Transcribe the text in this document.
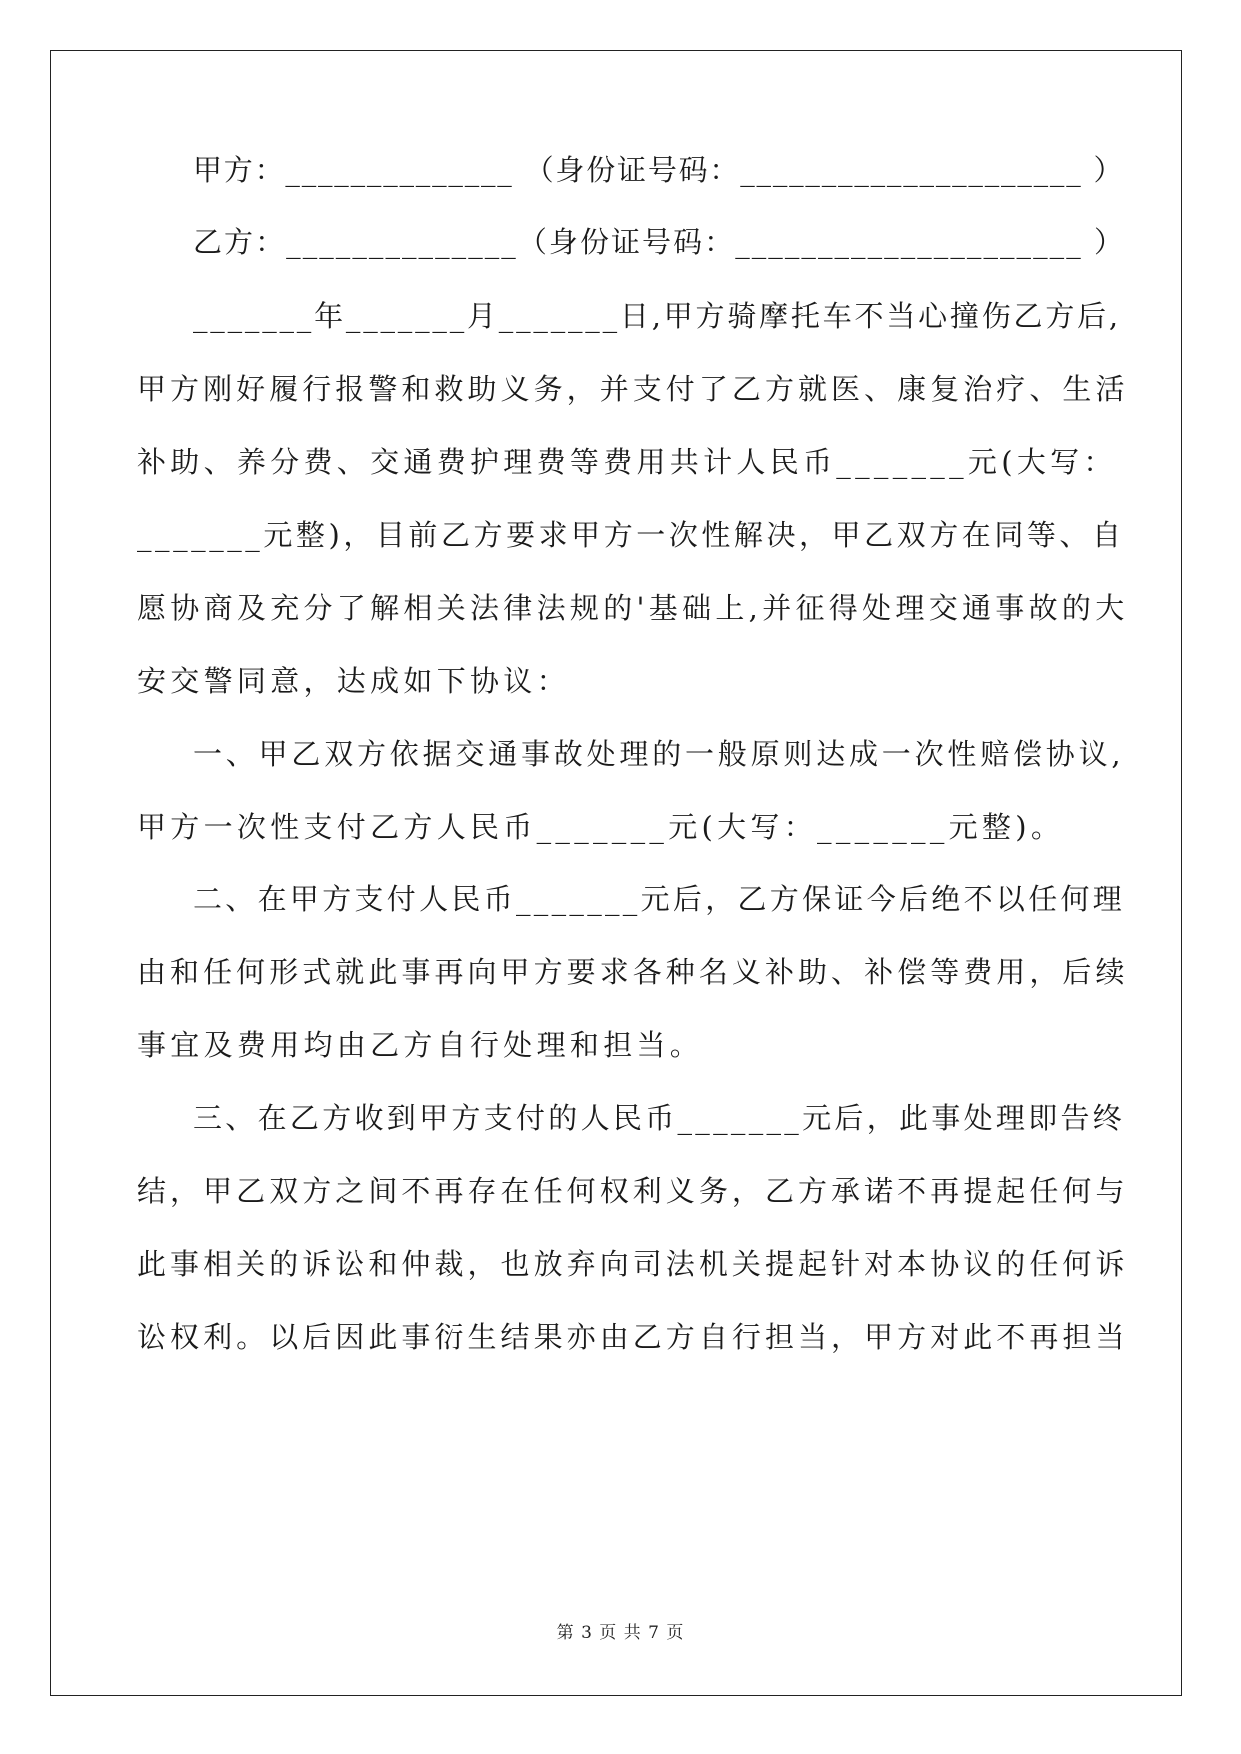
甲方：______________ （身份证号码：_____________________ ）
乙方：______________（身份证号码：_____________________ ）
_______年_______月_______日,甲方骑摩托车不当心撞伤乙方后,
甲方刚好履行报警和救助义务，并支付了乙方就医、康复治疗、生活
补助、养分费、交通费护理费等费用共计人民币_______元(大写：
_______元整)，目前乙方要求甲方一次性解决，甲乙双方在同等、自
愿协商及充分了解相关法律法规的'基础上,并征得处理交通事故的大
安交警同意，达成如下协议：
一、甲乙双方依据交通事故处理的一般原则达成一次性赔偿协议,
甲方一次性支付乙方人民币_______元(大写：_______元整)。
二、在甲方支付人民币_______元后，乙方保证今后绝不以任何理
由和任何形式就此事再向甲方要求各种名义补助、补偿等费用，后续
事宜及费用均由乙方自行处理和担当。
三、在乙方收到甲方支付的人民币_______元后，此事处理即告终
结，甲乙双方之间不再存在任何权利义务，乙方承诺不再提起任何与
此事相关的诉讼和仲裁，也放弃向司法机关提起针对本协议的任何诉
讼权利。以后因此事衍生结果亦由乙方自行担当，甲方对此不再担当
第 3 页 共 7 页
